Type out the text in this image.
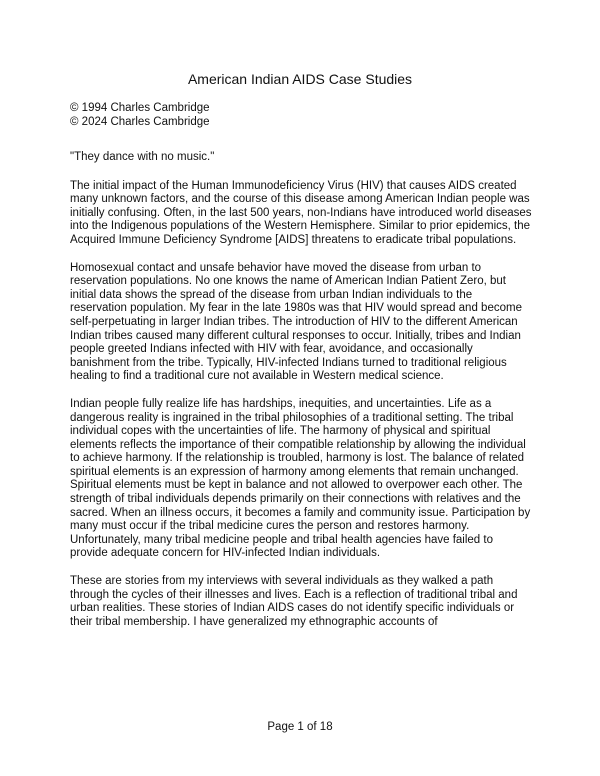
American Indian AIDS Case Studies
© 1994 Charles Cambridge
© 2024 Charles Cambridge

"They dance with no music."

The initial impact of the Human Immunodeficiency Virus (HIV) that causes AIDS created many unknown factors, and the course of this disease among American Indian people was initially confusing. Often, in the last 500 years, non-Indians have introduced world diseases into the Indigenous populations of the Western Hemisphere. Similar to prior epidemics, the Acquired Immune Deficiency Syndrome [AIDS] threatens to eradicate tribal populations.

Homosexual contact and unsafe behavior have moved the disease from urban to reservation populations. No one knows the name of American Indian Patient Zero, but initial data shows the spread of the disease from urban Indian individuals to the reservation population. My fear in the late 1980s was that HIV would spread and become self-perpetuating in larger Indian tribes. The introduction of HIV to the different American Indian tribes caused many different cultural responses to occur. Initially, tribes and Indian people greeted Indians infected with HIV with fear, avoidance, and occasionally banishment from the tribe. Typically, HIV-infected Indians turned to traditional religious healing to find a traditional cure not available in Western medical science.

Indian people fully realize life has hardships, inequities, and uncertainties. Life as a dangerous reality is ingrained in the tribal philosophies of a traditional setting. The tribal individual copes with the uncertainties of life. The harmony of physical and spiritual elements reflects the importance of their compatible relationship by allowing the individual to achieve harmony. If the relationship is troubled, harmony is lost. The balance of related spiritual elements is an expression of harmony among elements that remain unchanged. Spiritual elements must be kept in balance and not allowed to overpower each other. The strength of tribal individuals depends primarily on their connections with relatives and the sacred. When an illness occurs, it becomes a family and community issue. Participation by many must occur if the tribal medicine cures the person and restores harmony. Unfortunately, many tribal medicine people and tribal health agencies have failed to provide adequate concern for HIV-infected Indian individuals.

These are stories from my interviews with several individuals as they walked a path through the cycles of their illnesses and lives. Each is a reflection of traditional tribal and urban realities. These stories of Indian AIDS cases do not identify specific individuals or their tribal membership. I have generalized my ethnographic accounts of

Page 1 of 18
